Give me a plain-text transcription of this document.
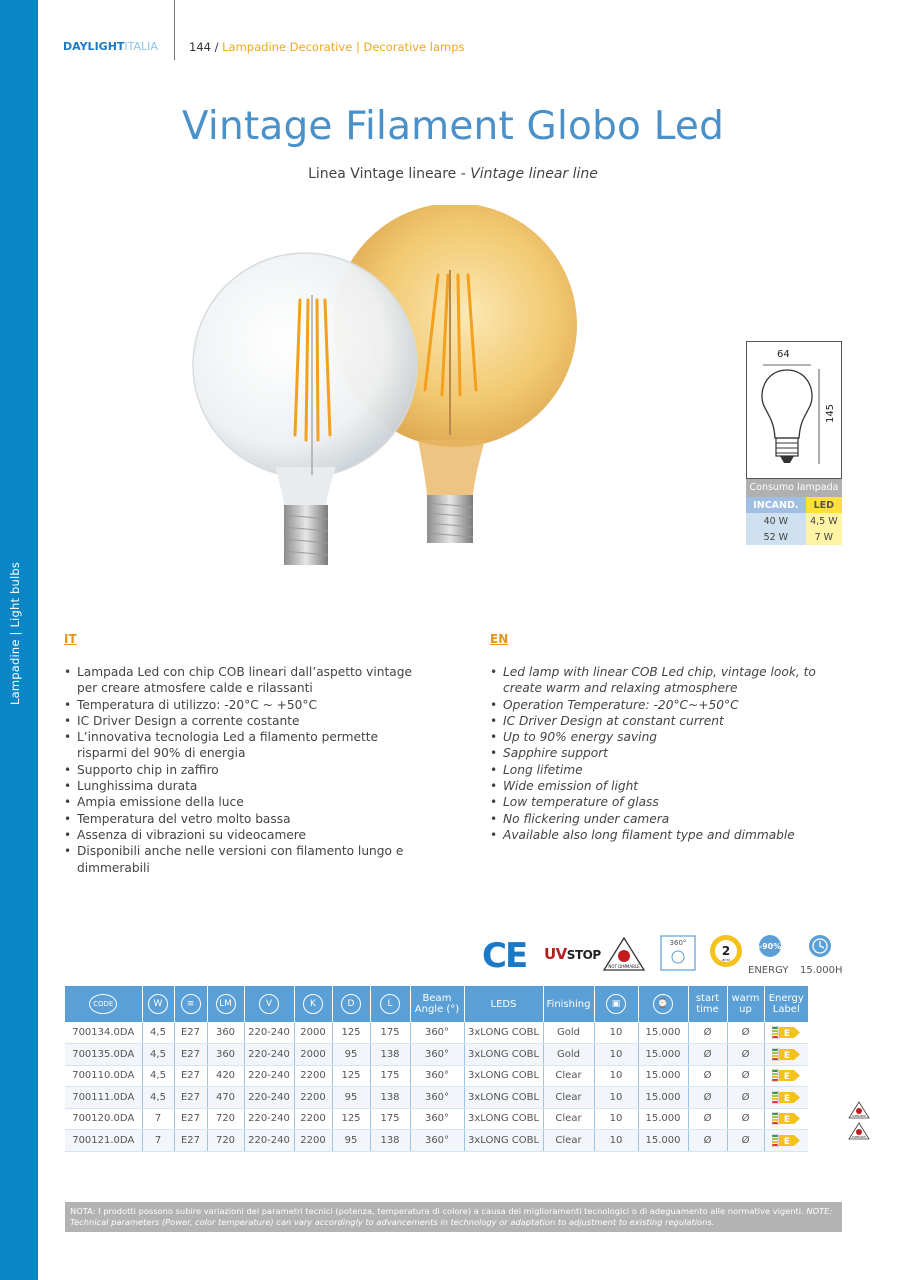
Lampadine | Light bulbs
DAYLIGHT ITALIA	144 / Lampadine Decorative | Decorative lamps
Vintage Filament Globo Led
Linea Vintage lineare - Vintage linear line
64
145
Consumo lampada
INCAND.	LED
40 W	4,5 W
52 W	7 W
IT	EN
• Lampada Led con chip COB lineari dall’aspetto vintage per creare atmosfere calde e rilassanti
• Temperatura di utilizzo: -20°C ~ +50°C
• IC Driver Design a corrente costante
• L’innovativa tecnologia Led a filamento permette risparmi del 90% di energia
• Supporto chip in zaffiro
• Lunghissima durata
• Ampia emissione della luce
• Temperatura del vetro molto bassa
• Assenza di vibrazioni su videocamere
• Disponibili anche nelle versioni con filamento lungo e dimmerabili
• Led lamp with linear COB Led chip, vintage look, to create warm and relaxing atmosphere
• Operation Temperature: -20°C~+50°C
• IC Driver Design at constant current
• Up to 90% energy saving
• Sapphire support
• Long lifetime
• Wide emission of light
• Low temperature of glass
• No flickering under camera
• Available also long filament type and dimmable
CE UVSTOP
NOT DIMMABLE
360°
2
anni
-90%
ENERGY 15.000H
CODE	W	≡	LM	V	K	D	L	Beam Angle (°)	LEDS	Finishing	▣	⌚	start time	warm up	Energy Label
700134.0DA	4,5	E27	360	220-240	2000	125	175	360°	3xLONG COBL	Gold	10	15.000	Ø	Ø	E

700135.0DA	4,5	E27	360	220-240	2000	95	138	360°	3xLONG COBL	Gold	10	15.000	Ø	Ø	E

700110.0DA	4,5	E27	420	220-240	2200	125	175	360°	3xLONG COBL	Clear	10	15.000	Ø	Ø	E

700111.0DA	4,5	E27	470	220-240	2200	95	138	360°	3xLONG COBL	Clear	10	15.000	Ø	Ø	E

700120.0DA	7	E27	720	220-240	2200	125	175	360°	3xLONG COBL	Clear	10	15.000	Ø	Ø	E

700121.0DA	7	E27	720	220-240	2200	95	138	360°	3xLONG COBL	Clear	10	15.000	Ø	Ø	E
DIMMABLE
DIMMABLE
NOTA: I prodotti possono subire variazioni dei parametri tecnici (potenza, temperatura di colore) a causa dei miglioramenti tecnologici o di adeguamento alle normative vigenti. NOTE: Technical parameters (Power, color temperature) can vary accordingly to advancements in technology or adaptation to adjustment to existing regulations.
